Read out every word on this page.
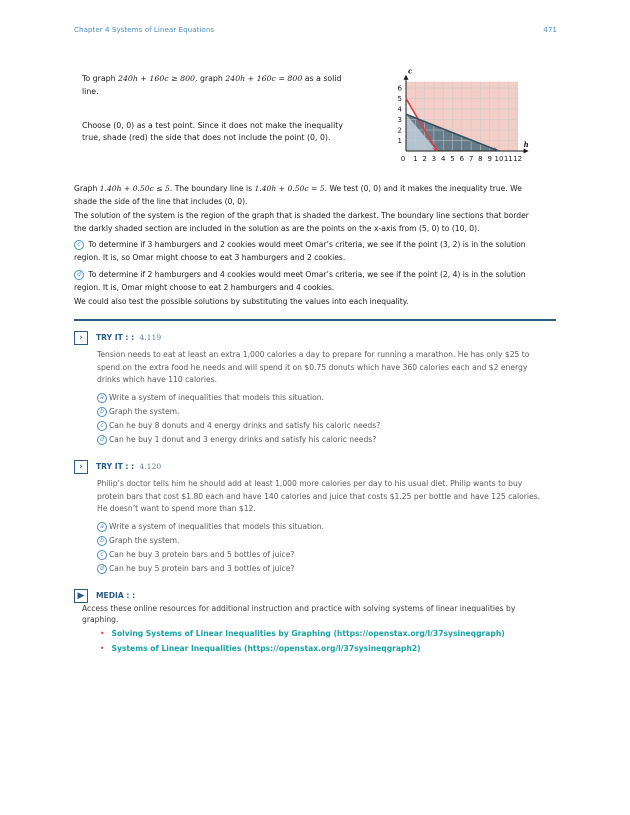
Chapter 4 Systems of Linear Equations	471
To graph 240h + 160c ≥ 800, graph 240h + 160c = 800 as a solid
line.
Choose (0, 0) as a test point. Since it does not make the inequality
true, shade (red) the side that does not include the point (0, 0).
0 1 2 3 4 5 6 7 8 9 10 11 12
1
2
3
4
5
6
h
c
Graph 1.40h + 0.50c ≤ 5. The boundary line is 1.40h + 0.50c = 5. We test (0, 0) and it makes the inequality true. We
shade the side of the line that includes (0, 0).
The solution of the system is the region of the graph that is shaded the darkest. The boundary line sections that border
the darkly shaded section are included in the solution as are the points on the x-axis from (5, 0) to (10, 0).
c To determine if 3 hamburgers and 2 cookies would meet Omar’s criteria, we see if the point (3, 2) is in the solution
region. It is, so Omar might choose to eat 3 hamburgers and 2 cookies.
d To determine if 2 hamburgers and 4 cookies would meet Omar’s criteria, we see if the point (2, 4) is in the solution
region. It is, Omar might choose to eat 2 hamburgers and 4 cookies.
We could also test the possible solutions by substituting the values into each inequality.
›	TRY IT : : 4.119
Tension needs to eat at least an extra 1,000 calories a day to prepare for running a marathon. He has only $25 to
spend on the extra food he needs and will spend it on $0.75 donuts which have 360 calories each and $2 energy
drinks which have 110 calories.
a Write a system of inequalities that models this situation.
b Graph the system.
c Can he buy 8 donuts and 4 energy drinks and satisfy his caloric needs?
d Can he buy 1 donut and 3 energy drinks and satisfy his caloric needs?
›	TRY IT : : 4.120
Philip’s doctor tells him he should add at least 1,000 more calories per day to his usual diet. Philip wants to buy
protein bars that cost $1.80 each and have 140 calories and juice that costs $1.25 per bottle and have 125 calories.
He doesn’t want to spend more than $12.
a Write a system of inequalities that models this situation.
b Graph the system.
c Can he buy 3 protein bars and 5 bottles of juice?
d Can he buy 5 protein bars and 3 bottles of juice?
▶	MEDIA : :
Access these online resources for additional instruction and practice with solving systems of linear inequalities by
graphing.
• Solving Systems of Linear Inequalities by Graphing (https://openstax.org/l/37sysineqgraph)
• Systems of Linear Inequalities (https://openstax.org/l/37sysineqgraph2)
